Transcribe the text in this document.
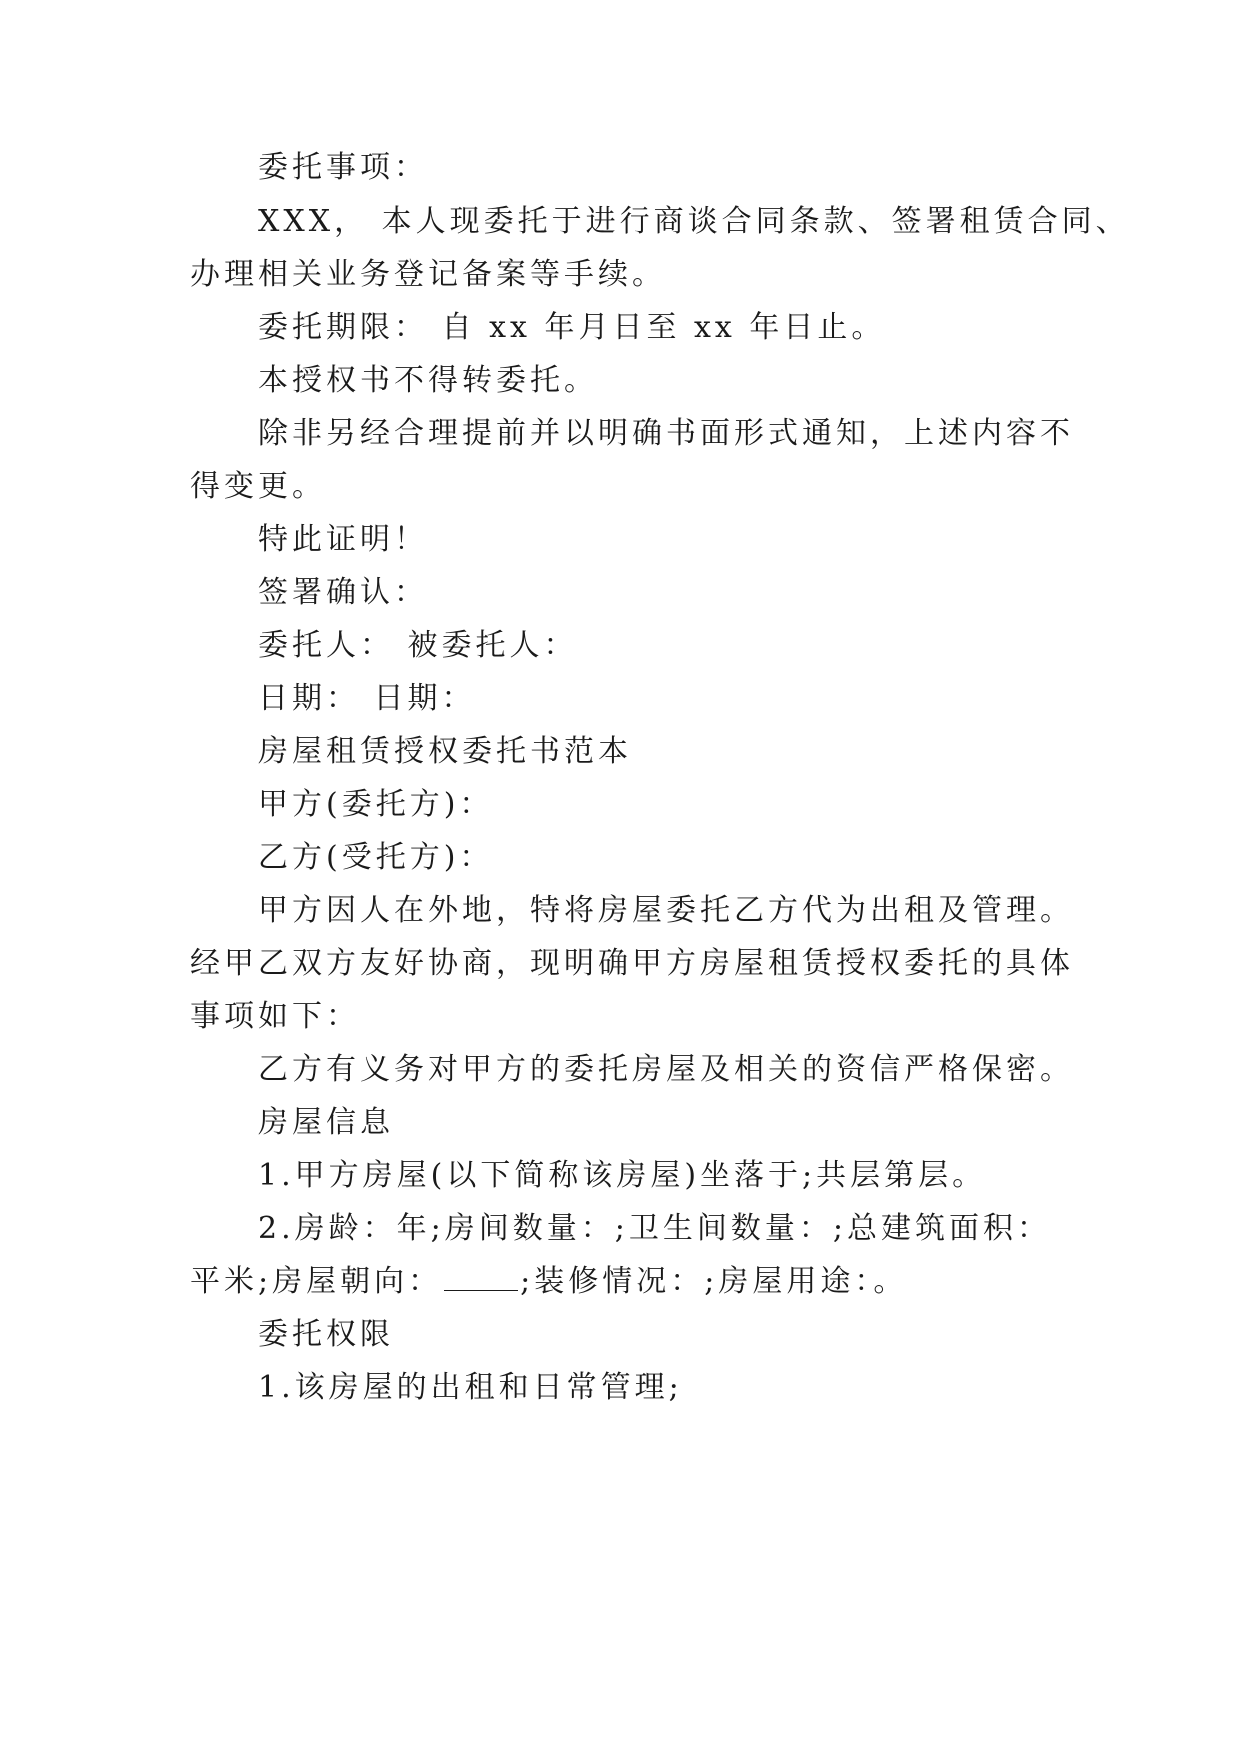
委托事项：
XXX， 本人现委托于进行商谈合同条款、签署租赁合同、
办理相关业务登记备案等手续。
委托期限： 自 xx 年月日至 xx 年日止。
本授权书不得转委托。
除非另经合理提前并以明确书面形式通知，上述内容不
得变更。
特此证明！
签署确认：
委托人： 被委托人：
日期： 日期：
房屋租赁授权委托书范本
甲方(委托方)：
乙方(受托方)：
甲方因人在外地，特将房屋委托乙方代为出租及管理。
经甲乙双方友好协商，现明确甲方房屋租赁授权委托的具体
事项如下：
乙方有义务对甲方的委托房屋及相关的资信严格保密。
房屋信息
1.甲方房屋(以下简称该房屋)坐落于;共层第层。
2.房龄：年;房间数量：;卫生间数量：;总建筑面积：
平米;房屋朝向：	;装修情况：;房屋用途：。
委托权限
1.该房屋的出租和日常管理;
